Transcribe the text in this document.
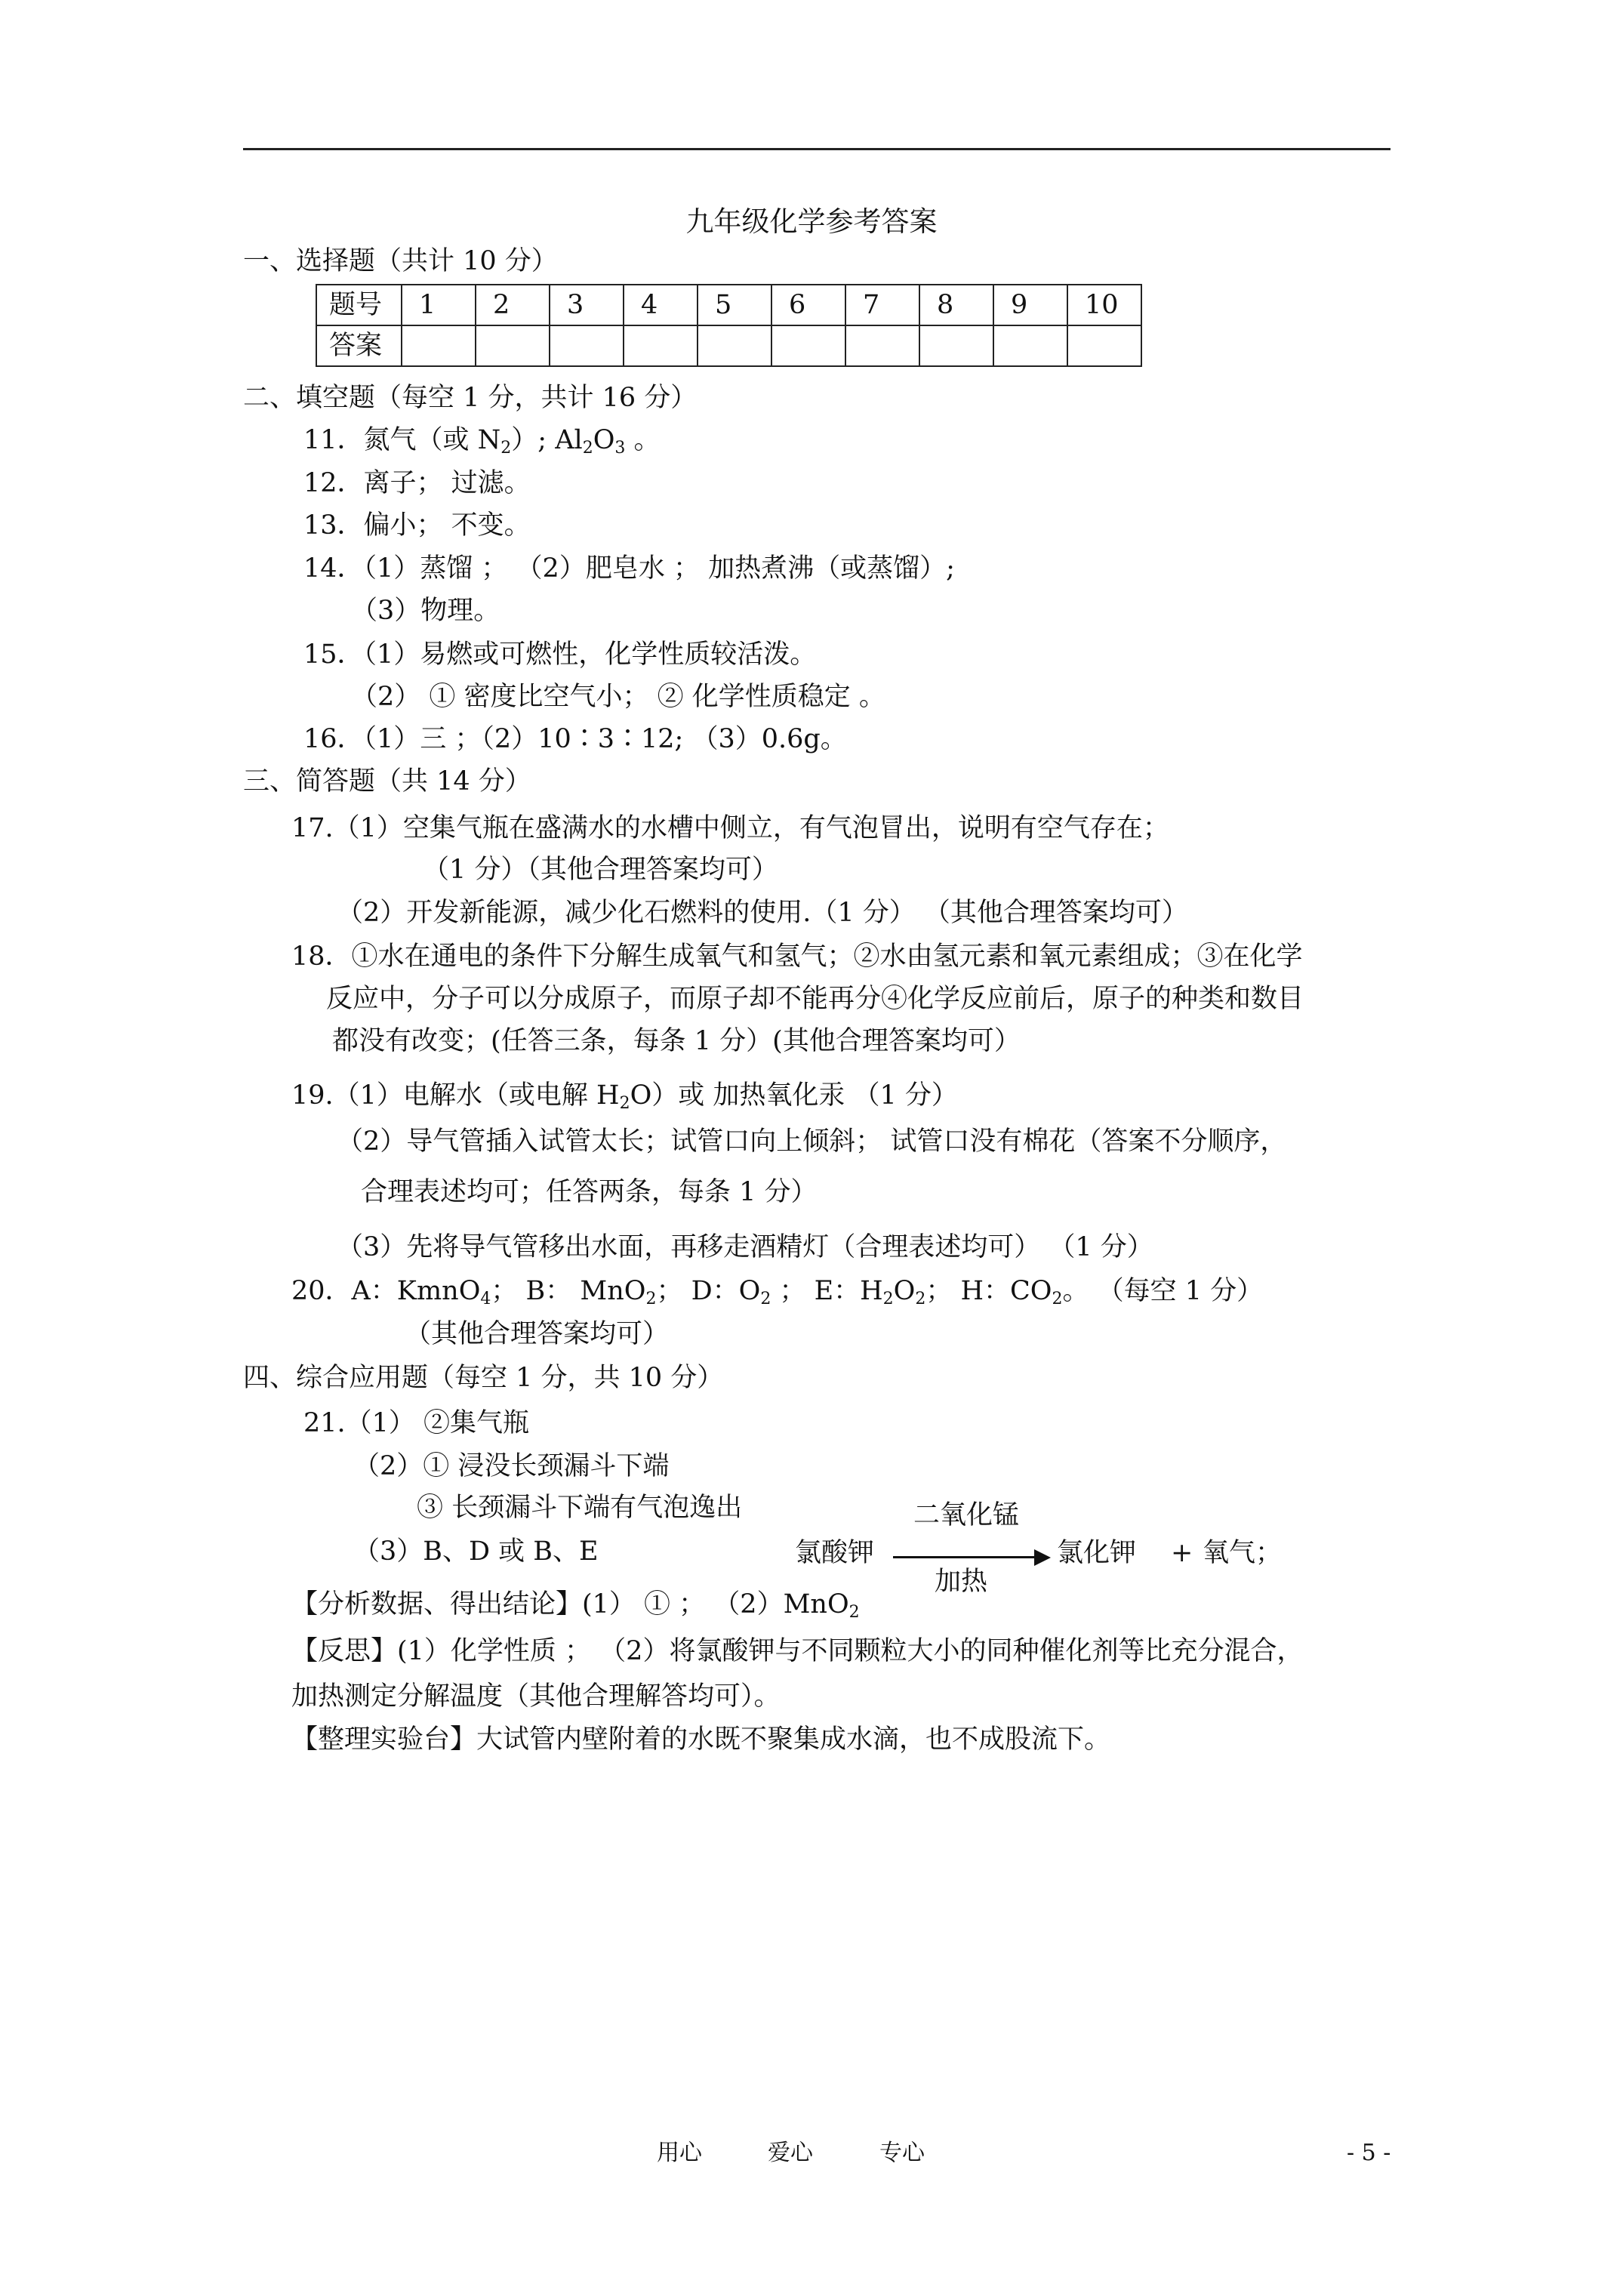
九年级化学参考答案
一、选择题（共计 10 分）
题号	1	2	3	4	5	6	7	8	9	10
答案										
二、填空题（每空 1 分，共计 16 分）
11．氮气（或 $N_2$）; $Al_2O_3$ 。
12．离子； 过滤。
13．偏小； 不变。
14．（1）蒸馏 ； （2）肥皂水 ； 加热煮沸（或蒸馏）;
（3）物理。
15．（1）易燃或可燃性，化学性质较活泼。
（2） ① 密度比空气小； ② 化学性质稳定 。
16．（1）三 ；（2）10∶3∶12; （3）0.6g。
三、简答题（共 14 分）
17.（1）空集气瓶在盛满水的水槽中侧立，有气泡冒出，说明有空气存在；
（1 分）（其他合理答案均可）
（2）开发新能源，减少化石燃料的使用.（1 分） （其他合理答案均可）
18．①水在通电的条件下分解生成氧气和氢气；②水由氢元素和氧元素组成；③在化学
反应中，分子可以分成原子，而原子却不能再分④化学反应前后，原子的种类和数目
都没有改变；(任答三条，每条 1 分）(其他合理答案均可）
19.（1）电解水（或电解 $H_2O$）或 加热氧化汞 （1 分）
（2）导气管插入试管太长；试管口向上倾斜； 试管口没有棉花（答案不分顺序，
合理表述均可；任答两条，每条 1 分）
（3）先将导气管移出水面，再移走酒精灯（合理表述均可） （1 分）
20．A：KmnO$_4$； B： MnO$_2$； D：$O_2$ ； E：$H_2O_2$； H：$CO_2$。 （每空 1 分）
（其他合理答案均可）
四、综合应用题（每空 1 分，共 10 分）
21.（1） ②集气瓶
（2）① 浸没长颈漏斗下端
③ 长颈漏斗下端有气泡逸出
（3）B、D 或 B、E	氯酸钾
二氧化锰
加热
氯化钾 + 氧气；
【分析数据、得出结论】(1） ① ； （2）MnO$_2$
【反思】(1）化学性质 ； （2）将氯酸钾与不同颗粒大小的同种催化剂等比充分混合，
加热测定分解温度（其他合理解答均可）。
【整理实验台】大试管内壁附着的水既不聚集成水滴，也不成股流下。
用心	爱心	专心	- 5 -
